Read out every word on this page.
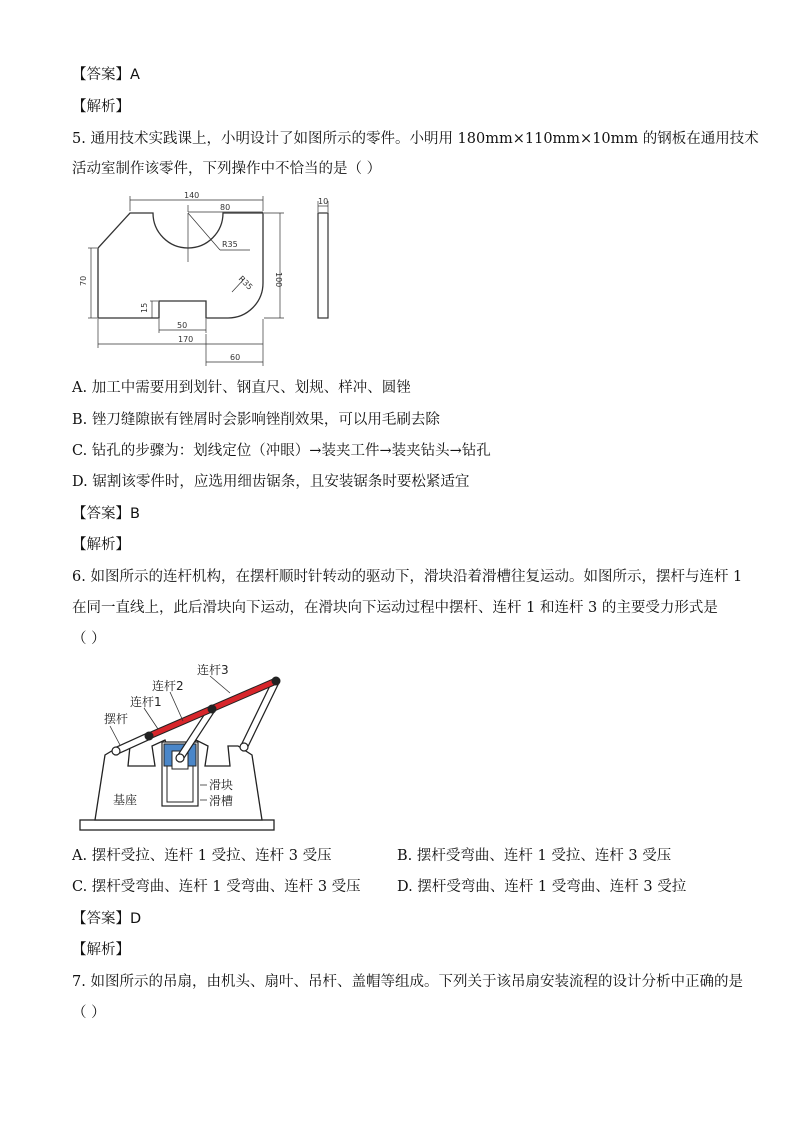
【答案】A
【解析】
5. 通用技术实践课上，小明设计了如图所示的零件。小明用 180mm×110mm×10mm 的钢板在通用技术
活动室制作该零件，下列操作中不恰当的是（ ）
140
80
R35
R35
70	100
15
50
170
60
10
A. 加工中需要用到划针、钢直尺、划规、样冲、圆锉
B. 锉刀缝隙嵌有锉屑时会影响锉削效果，可以用毛刷去除
C. 钻孔的步骤为：划线定位（冲眼）→装夹工件→装夹钻头→钻孔
D. 锯割该零件时，应选用细齿锯条，且安装锯条时要松紧适宜
【答案】B
【解析】
6. 如图所示的连杆机构，在摆杆顺时针转动的驱动下，滑块沿着滑槽往复运动。如图所示，摆杆与连杆 1
在同一直线上，此后滑块向下运动，在滑块向下运动过程中摆杆、连杆 1 和连杆 3 的主要受力形式是
（ ）
连杆3
连杆2
连杆1
摆杆
滑块
滑槽
基座
A. 摆杆受拉、连杆 1 受拉、连杆 3 受压	B. 摆杆受弯曲、连杆 1 受拉、连杆 3 受压
C. 摆杆受弯曲、连杆 1 受弯曲、连杆 3 受压	D. 摆杆受弯曲、连杆 1 受弯曲、连杆 3 受拉
【答案】D
【解析】
7. 如图所示的吊扇，由机头、扇叶、吊杆、盖帽等组成。下列关于该吊扇安装流程的设计分析中正确的是
（ ）
